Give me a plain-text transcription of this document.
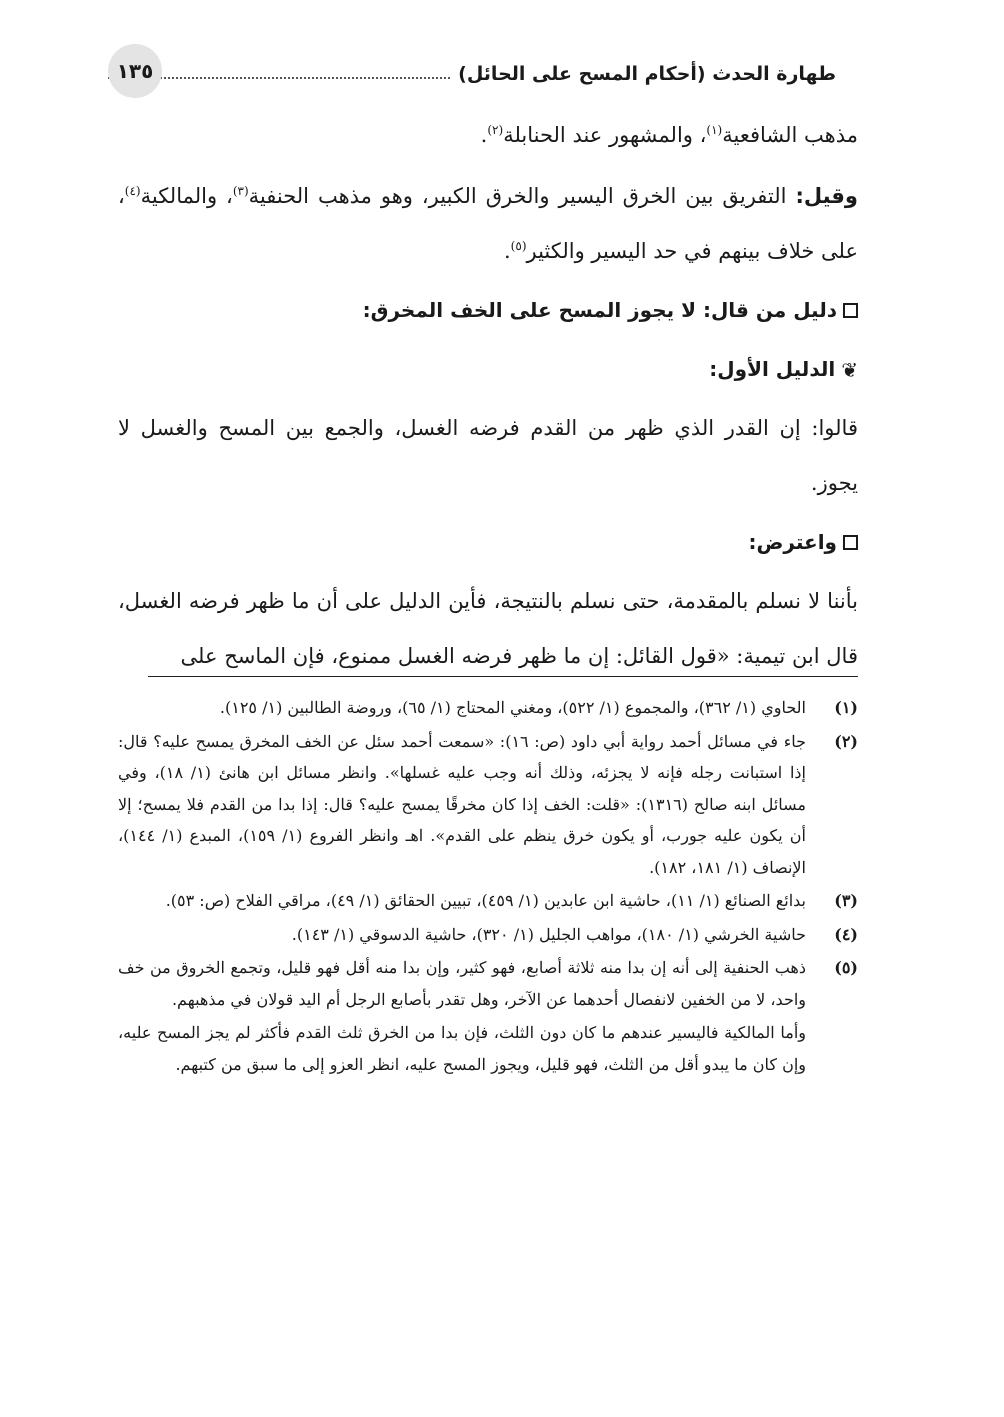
طهارة الحدث (أحكام المسح على الحائل)
١٣٥

مذهب الشافعية$^{(١)}$، والمشهور عند الحنابلة$^{(٢)}$.

وقيل: التفريق بين الخرق اليسير والخرق الكبير، وهو مذهب الحنفية$^{(٣)}$، والمالكية$^{(٤)}$، على خلاف بينهم في حد اليسير والكثير$^{(٥)}$.

دليل من قال: لا يجوز المسح على الخف المخرق:
❦
الدليل الأول:

قالوا: إن القدر الذي ظهر من القدم فرضه الغسل، والجمع بين المسح والغسل لا يجوز.

واعترض:

بأننا لا نسلم بالمقدمة، حتى نسلم بالنتيجة، فأين الدليل على أن ما ظهر فرضه الغسل، قال ابن تيمية: «قول القائل: إن ما ظهر فرضه الغسل ممنوع، فإن الماسح على

(١)
الحاوي (١/ ٣٦٢)، والمجموع (١/ ٥٢٢)، ومغني المحتاج (١/ ٦٥)، وروضة الطالبين (١/ ١٢٥).
(٢)
جاء في مسائل أحمد رواية أبي داود (ص: ١٦): «سمعت أحمد سئل عن الخف المخرق يمسح عليه؟ قال: إذا استبانت رجله فإنه لا يجزئه، وذلك أنه وجب عليه غسلها». وانظر مسائل ابن هانئ (١/ ١٨)، وفي مسائل ابنه صالح (١٣١٦): «قلت: الخف إذا كان مخرقًا يمسح عليه؟ قال: إذا بدا من القدم فلا يمسح؛ إلا أن يكون عليه جورب، أو يكون خرق ينظم على القدم». اهـ وانظر الفروع (١/ ١٥٩)، المبدع (١/ ١٤٤)، الإنصاف (١/ ١٨١، ١٨٢).
(٣)
بدائع الصنائع (١/ ١١)، حاشية ابن عابدين (١/ ٤٥٩)، تبيين الحقائق (١/ ٤٩)، مراقي الفلاح (ص: ٥٣).
(٤)
حاشية الخرشي (١/ ١٨٠)، مواهب الجليل (١/ ٣٢٠)، حاشية الدسوقي (١/ ١٤٣).
(٥)
ذهب الحنفية إلى أنه إن بدا منه ثلاثة أصابع، فهو كثير، وإن بدا منه أقل فهو قليل، وتجمع الخروق من خف واحد، لا من الخفين لانفصال أحدهما عن الآخر، وهل تقدر بأصابع الرجل أم اليد قولان في مذهبهم.
وأما المالكية فاليسير عندهم ما كان دون الثلث، فإن بدا من الخرق ثلث القدم فأكثر لم يجز المسح عليه، وإن كان ما يبدو أقل من الثلث، فهو قليل، ويجوز المسح عليه، انظر العزو إلى ما سبق من كتبهم.
